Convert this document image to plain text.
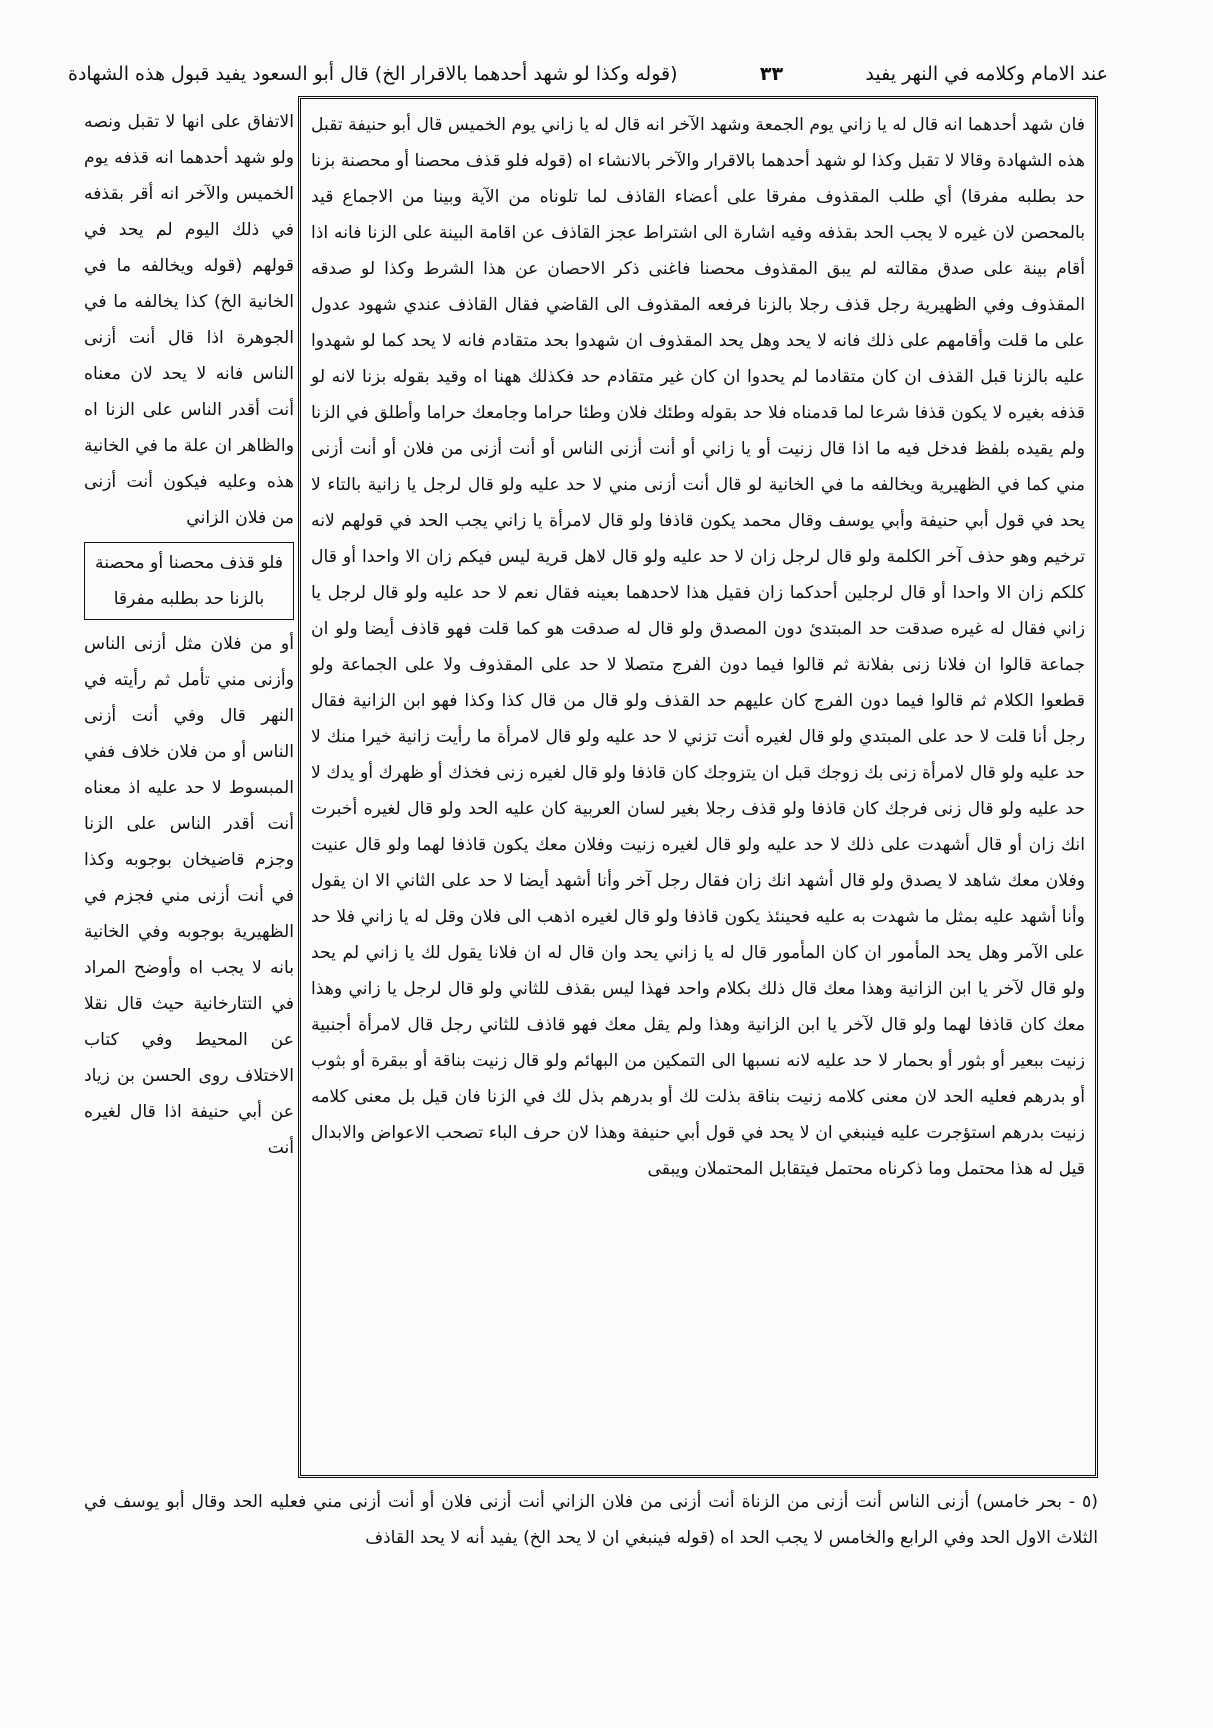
(قوله وكذا لو شهد أحدهما بالاقرار الخ) قال أبو السعود يفيد قبول هذه الشهادة	٣٣	عند الامام وكلامه في النهر يفيد
فان شهد أحدهما انه قال له يا زاني يوم الجمعة وشهد الآخر انه قال له يا زاني يوم الخميس قال أبو حنيفة تقبل هذه الشهادة وقالا لا تقبل وكذا لو شهد أحدهما بالاقرار والآخر بالانشاء اه (قوله فلو قذف محصنا أو محصنة بزنا حد بطلبه مفرقا) أي طلب المقذوف مفرقا على أعضاء القاذف لما تلوناه من الآية وبينا من الاجماع قيد بالمحصن لان غيره لا يجب الحد بقذفه وفيه اشارة الى اشتراط عجز القاذف عن اقامة البينة على الزنا فانه اذا أقام بينة على صدق مقالته لم يبق المقذوف محصنا فاغنى ذكر الاحصان عن هذا الشرط وكذا لو صدقه المقذوف وفي الظهيرية رجل قذف رجلا بالزنا فرفعه المقذوف الى القاضي فقال القاذف عندي شهود عدول على ما قلت وأقامهم على ذلك فانه لا يحد وهل يحد المقذوف ان شهدوا بحد متقادم فانه لا يحد كما لو شهدوا عليه بالزنا قبل القذف ان كان متقادما لم يحدوا ان كان غير متقادم حد فكذلك ههنا اه وقيد بقوله بزنا لانه لو قذفه بغيره لا يكون قذفا شرعا لما قدمناه فلا حد بقوله وطئك فلان وطئا حراما وجامعك حراما وأطلق في الزنا ولم يقيده بلفظ فدخل فيه ما اذا قال زنيت أو يا زاني أو أنت أزنى الناس أو أنت أزنى من فلان أو أنت أزنى مني كما في الظهيرية ويخالفه ما في الخانية لو قال أنت أزنى مني لا حد عليه ولو قال لرجل يا زانية بالتاء لا يحد في قول أبي حنيفة وأبي يوسف وقال محمد يكون قاذفا ولو قال لامرأة يا زاني يجب الحد في قولهم لانه ترخيم وهو حذف آخر الكلمة ولو قال لرجل زان لا حد عليه ولو قال لاهل قرية ليس فيكم زان الا واحدا أو قال كلكم زان الا واحدا أو قال لرجلين أحدكما زان فقيل هذا لاحدهما بعينه فقال نعم لا حد عليه ولو قال لرجل يا زاني فقال له غيره صدقت حد المبتدئ دون المصدق ولو قال له صدقت هو كما قلت فهو قاذف أيضا ولو ان جماعة قالوا ان فلانا زنى بفلانة ثم قالوا فيما دون الفرج متصلا لا حد على المقذوف ولا على الجماعة ولو قطعوا الكلام ثم قالوا فيما دون الفرج كان عليهم حد القذف ولو قال من قال كذا وكذا فهو ابن الزانية فقال رجل أنا قلت لا حد على المبتدي ولو قال لغيره أنت تزني لا حد عليه ولو قال لامرأة ما رأيت زانية خيرا منك لا حد عليه ولو قال لامرأة زنى بك زوجك قبل ان يتزوجك كان قاذفا ولو قال لغيره زنى فخذك أو ظهرك أو يدك لا حد عليه ولو قال زنى فرجك كان قاذفا ولو قذف رجلا بغير لسان العربية كان عليه الحد ولو قال لغيره أخبرت انك زان أو قال أشهدت على ذلك لا حد عليه ولو قال لغيره زنيت وفلان معك يكون قاذفا لهما ولو قال عنيت وفلان معك شاهد لا يصدق ولو قال أشهد انك زان فقال رجل آخر وأنا أشهد أيضا لا حد على الثاني الا ان يقول وأنا أشهد عليه بمثل ما شهدت به عليه فحينئذ يكون قاذفا ولو قال لغيره اذهب الى فلان وقل له يا زاني فلا حد على الآمر وهل يحد المأمور ان كان المأمور قال له يا زاني يحد وان قال له ان فلانا يقول لك يا زاني لم يحد ولو قال لآخر يا ابن الزانية وهذا معك قال ذلك بكلام واحد فهذا ليس بقذف للثاني ولو قال لرجل يا زاني وهذا معك كان قاذفا لهما ولو قال لآخر يا ابن الزانية وهذا ولم يقل معك فهو قاذف للثاني رجل قال لامرأة أجنبية زنيت ببعير أو بثور أو بحمار لا حد عليه لانه نسبها الى التمكين من البهائم ولو قال زنيت بناقة أو ببقرة أو بثوب أو بدرهم فعليه الحد لان معنى كلامه زنيت بناقة بذلت لك أو بدرهم بذل لك في الزنا فان قيل بل معنى كلامه زنيت بدرهم استؤجرت عليه فينبغي ان لا يحد في قول أبي حنيفة وهذا لان حرف الباء تصحب الاعواض والابدال قيل له هذا محتمل وما ذكرناه محتمل فيتقابل المحتملان ويبقى
الاتفاق على انها لا تقبل ونصه ولو شهد أحدهما انه قذفه يوم الخميس والآخر انه أقر بقذفه في ذلك اليوم لم يحد في قولهم (قوله ويخالفه ما في الخانية الخ) كذا يخالفه ما في الجوهرة اذا قال أنت أزنى الناس فانه لا يحد لان معناه أنت أقدر الناس على الزنا اه والظاهر ان علة ما في الخانية هذه وعليه فيكون أنت أزنى من فلان الزاني
فلو قذف محصنا أو محصنة بالزنا حد بطلبه مفرقا
أو من فلان مثل أزنى الناس وأزنى مني تأمل ثم رأيته في النهر قال وفي أنت أزنى الناس أو من فلان خلاف ففي المبسوط لا حد عليه اذ معناه أنت أقدر الناس على الزنا وجزم قاضيخان بوجوبه وكذا في أنت أزنى مني فجزم في الظهيرية بوجوبه وفي الخانية بانه لا يجب اه وأوضح المراد في التتارخانية حيث قال نقلا عن المحيط وفي كتاب الاختلاف روى الحسن بن زياد عن أبي حنيفة اذا قال لغيره أنت
(٥ - بحر خامس) أزنى الناس أنت أزنى من الزناة أنت أزنى من فلان الزاني أنت أزنى فلان أو أنت أزنى مني فعليه الحد وقال أبو يوسف في الثلاث الاول الحد وفي الرابع والخامس لا يجب الحد اه (قوله فينبغي ان لا يحد الخ) يفيد أنه لا يحد القاذف
